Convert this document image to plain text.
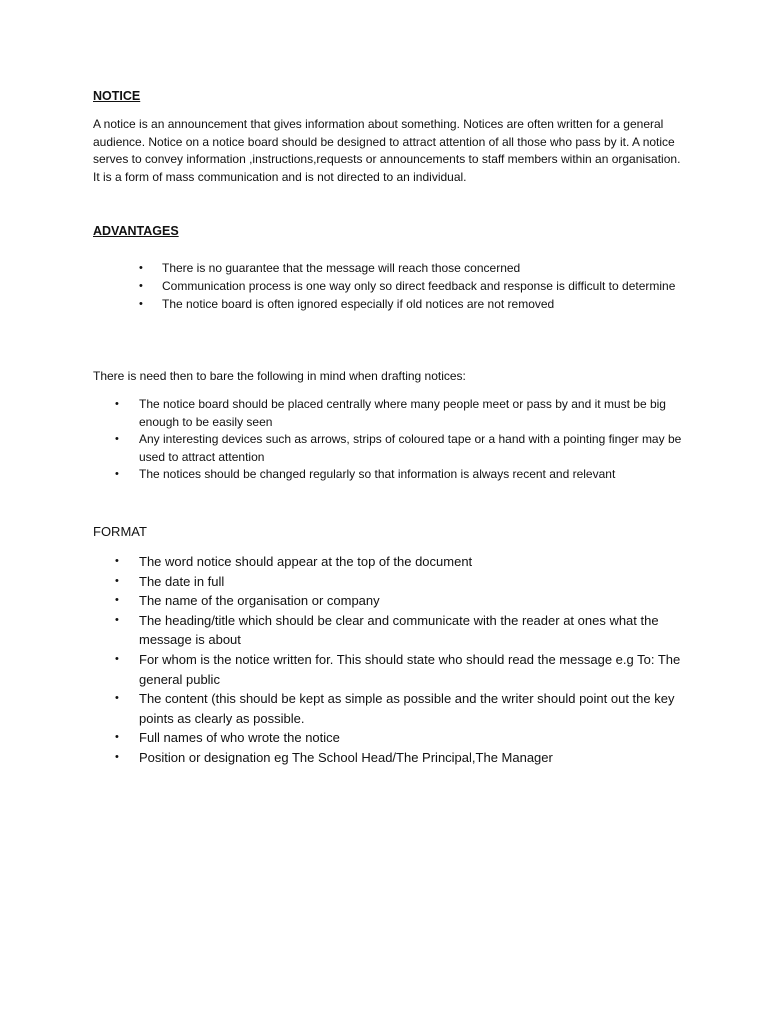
NOTICE

A notice is an announcement that gives information about something. Notices are often written for a general audience. Notice on a notice board should be designed to attract attention of all those who pass by it. A notice serves to convey information ,instructions,requests or announcements to staff members within an organisation. It is a form of mass communication and is not directed to an individual.

ADVANTAGES
• There is no guarantee that the message will reach those concerned
• Communication process is one way only so direct feedback and response is difficult to determine
• The notice board is often ignored especially if old notices are not removed

There is need then to bare the following in mind when drafting notices:

• The notice board should be placed centrally where many people meet or pass by and it must be big enough to be easily seen
• Any interesting devices such as arrows, strips of coloured tape or a hand with a pointing finger may be used to attract attention
• The notices should be changed regularly so that information is always recent and relevant
FORMAT
• The word notice should appear at the top of the document
• The date in full
• The name of the organisation or company
• The heading/title which should be clear and communicate with the reader at ones what the message is about
• For whom is the notice written for. This should state who should read the message e.g To: The general public
• The content (this should be kept as simple as possible and the writer should point out the key points as clearly as possible.
• Full names of who wrote the notice
• Position or designation eg The School Head/The Principal,The Manager
